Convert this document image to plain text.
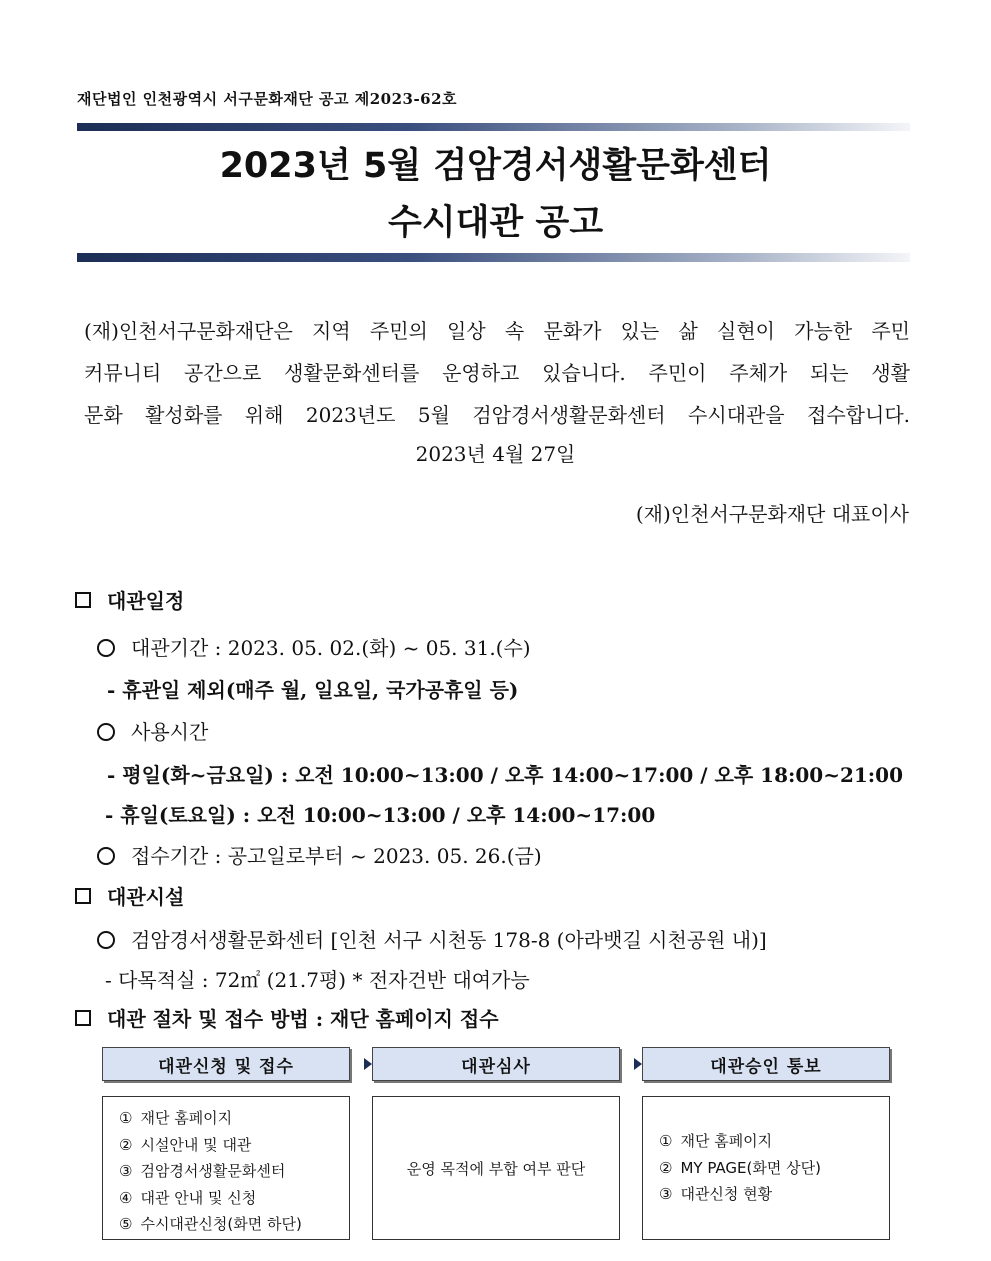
재단법인 인천광역시 서구문화재단 공고 제2023-62호
2023년 5월 검암경서생활문화센터
수시대관 공고

(재)인천서구문화재단은 지역 주민의 일상 속 문화가 있는 삶 실현이 가능한 주민

커뮤니티 공간으로 생활문화센터를 운영하고 있습니다. 주민이 주체가 되는 생활

문화 활성화를 위해 2023년도 5월 검암경서생활문화센터 수시대관을 접수합니다.

2023년 4월 27일
(재)인천서구문화재단 대표이사
대관일정
대관기간 : 2023. 05. 02.(화) ~ 05. 31.(수)
- 휴관일 제외(매주 월, 일요일, 국가공휴일 등)
사용시간
- 평일(화~금요일) : 오전 10:00~13:00 / 오후 14:00~17:00 / 오후 18:00~21:00
- 휴일(토요일) : 오전 10:00~13:00 / 오후 14:00~17:00
접수기간 : 공고일로부터 ~ 2023. 05. 26.(금)
대관시설
검암경서생활문화센터 [인천 서구 시천동 178-8 (아라뱃길 시천공원 내)]
- 다목적실 : 72㎡ (21.7평) * 전자건반 대여가능
대관 절차 및 접수 방법 : 재단 홈페이지 접수
대관신청 및 접수	대관심사	대관승인 통보
① 재단 홈페이지
② 시설안내 및 대관
③ 검암경서생활문화센터
④ 대관 안내 및 신청
⑤ 수시대관신청(화면 하단)
운영 목적에 부합 여부 판단
① 재단 홈페이지
② MY PAGE(화면 상단)
③ 대관신청 현황
